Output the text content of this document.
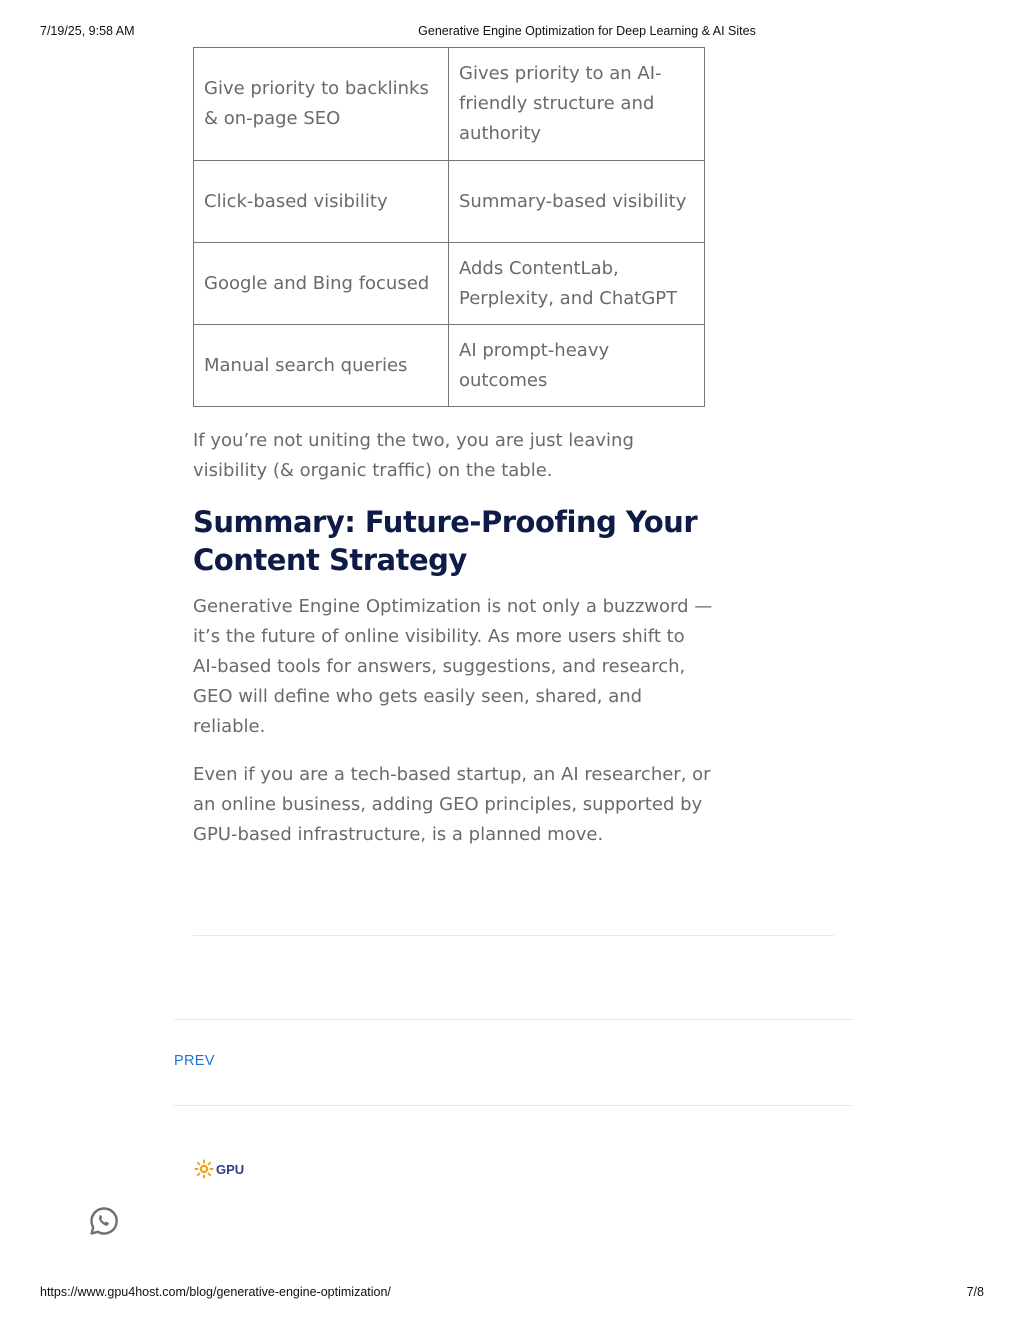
7/19/25, 9:58 AM	Generative Engine Optimization for Deep Learning & AI Sites
Give priority to backlinks & on-page SEO	Gives priority to an AI-friendly structure and authority
Click-based visibility	Summary-based visibility
Google and Bing focused	Adds ContentLab, Perplexity, and ChatGPT
Manual search queries	AI prompt-heavy outcomes

If you’re not uniting the two, you are just leaving visibility (& organic traffic) on the table.

Summary: Future-Proofing Your Content Strategy

Generative Engine Optimization is not only a buzzword —it’s the future of online visibility. As more users shift to AI-based tools for answers, suggestions, and research, GEO will define who gets easily seen, shared, and reliable.

Even if you are a tech-based startup, an AI researcher, or an online business, adding GEO principles, supported by GPU-based infrastructure, is a planned move.

PREV
GPU
https://www.gpu4host.com/blog/generative-engine-optimization/	7/8
